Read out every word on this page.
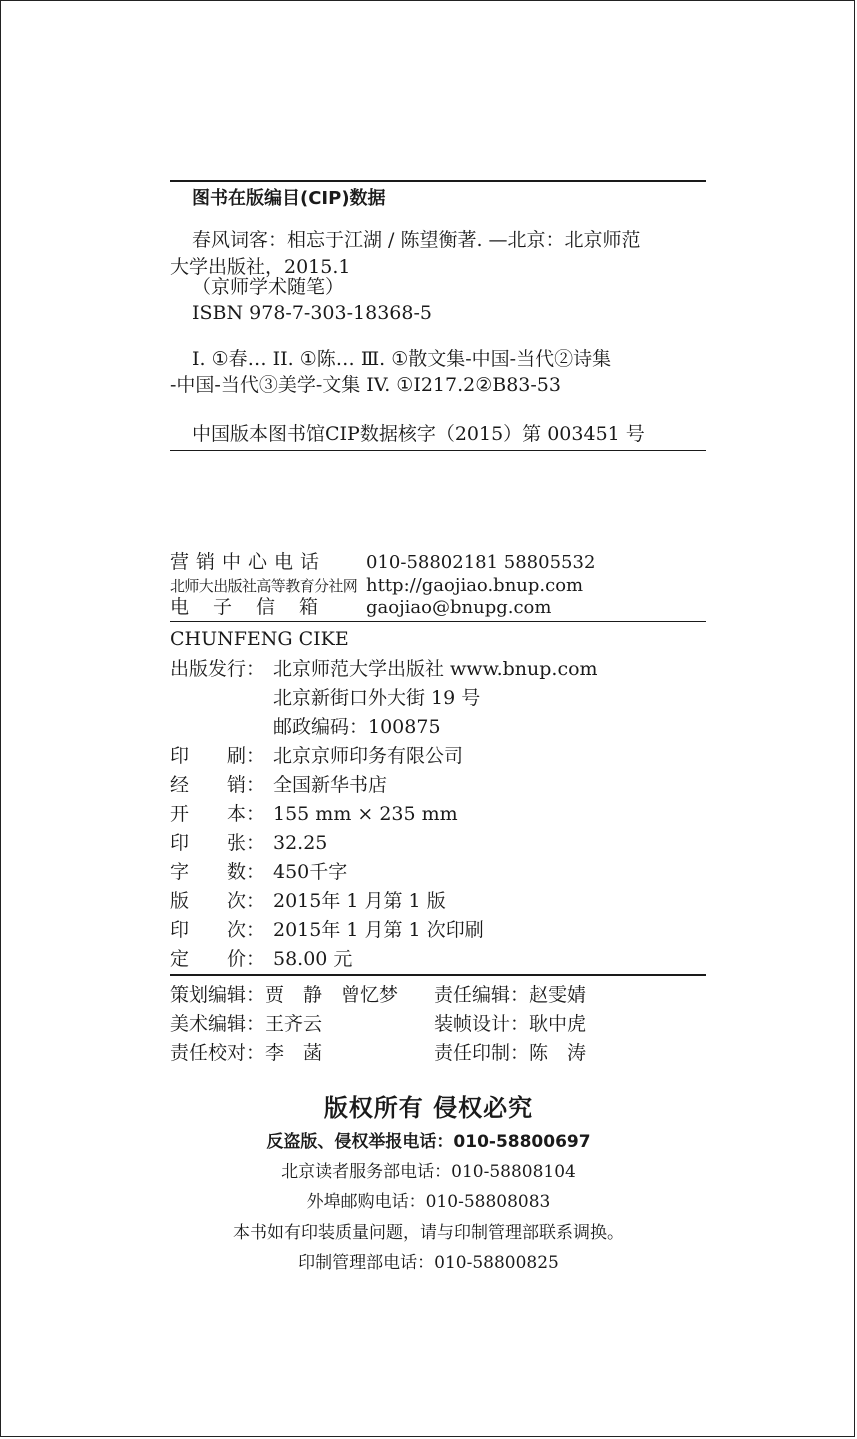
图书在版编目(CIP)数据
春风词客：相忘于江湖 / 陈望衡著. —北京：北京师范
大学出版社，2015.1
（京师学术随笔）
ISBN 978-7-303-18368-5
I. ①春… II. ①陈… Ⅲ. ①散文集-中国-当代②诗集
-中国-当代③美学-文集 IV. ①I217.2②B83-53
中国版本图书馆CIP数据核字（2015）第 003451 号
营销中心电话 010-58802181 58805532
北师大出版社高等教育分社网 http://gaojiao.bnup.com
电子信箱 gaojiao@bnupg.com
CHUNFENG CIKE
出版发行： 北京师范大学出版社 www.bnup.com
北京新街口外大街 19 号
邮政编码：100875
印　　刷： 北京京师印务有限公司
经　　销： 全国新华书店
开　　本： 155 mm × 235 mm
印　　张： 32.25
字　　数： 450千字
版　　次： 2015年 1 月第 1 版
印　　次： 2015年 1 月第 1 次印刷
定　　价： 58.00 元
策划编辑：贾　静　曾忆梦 责任编辑：赵雯婧
美术编辑：王齐云	装帧设计：耿中虎
责任校对：李　菡	责任印制：陈　涛
版权所有 侵权必究
反盗版、侵权举报电话：010-58800697
北京读者服务部电话：010-58808104
外埠邮购电话：010-58808083
本书如有印装质量问题，请与印制管理部联系调换。
印制管理部电话：010-58800825
